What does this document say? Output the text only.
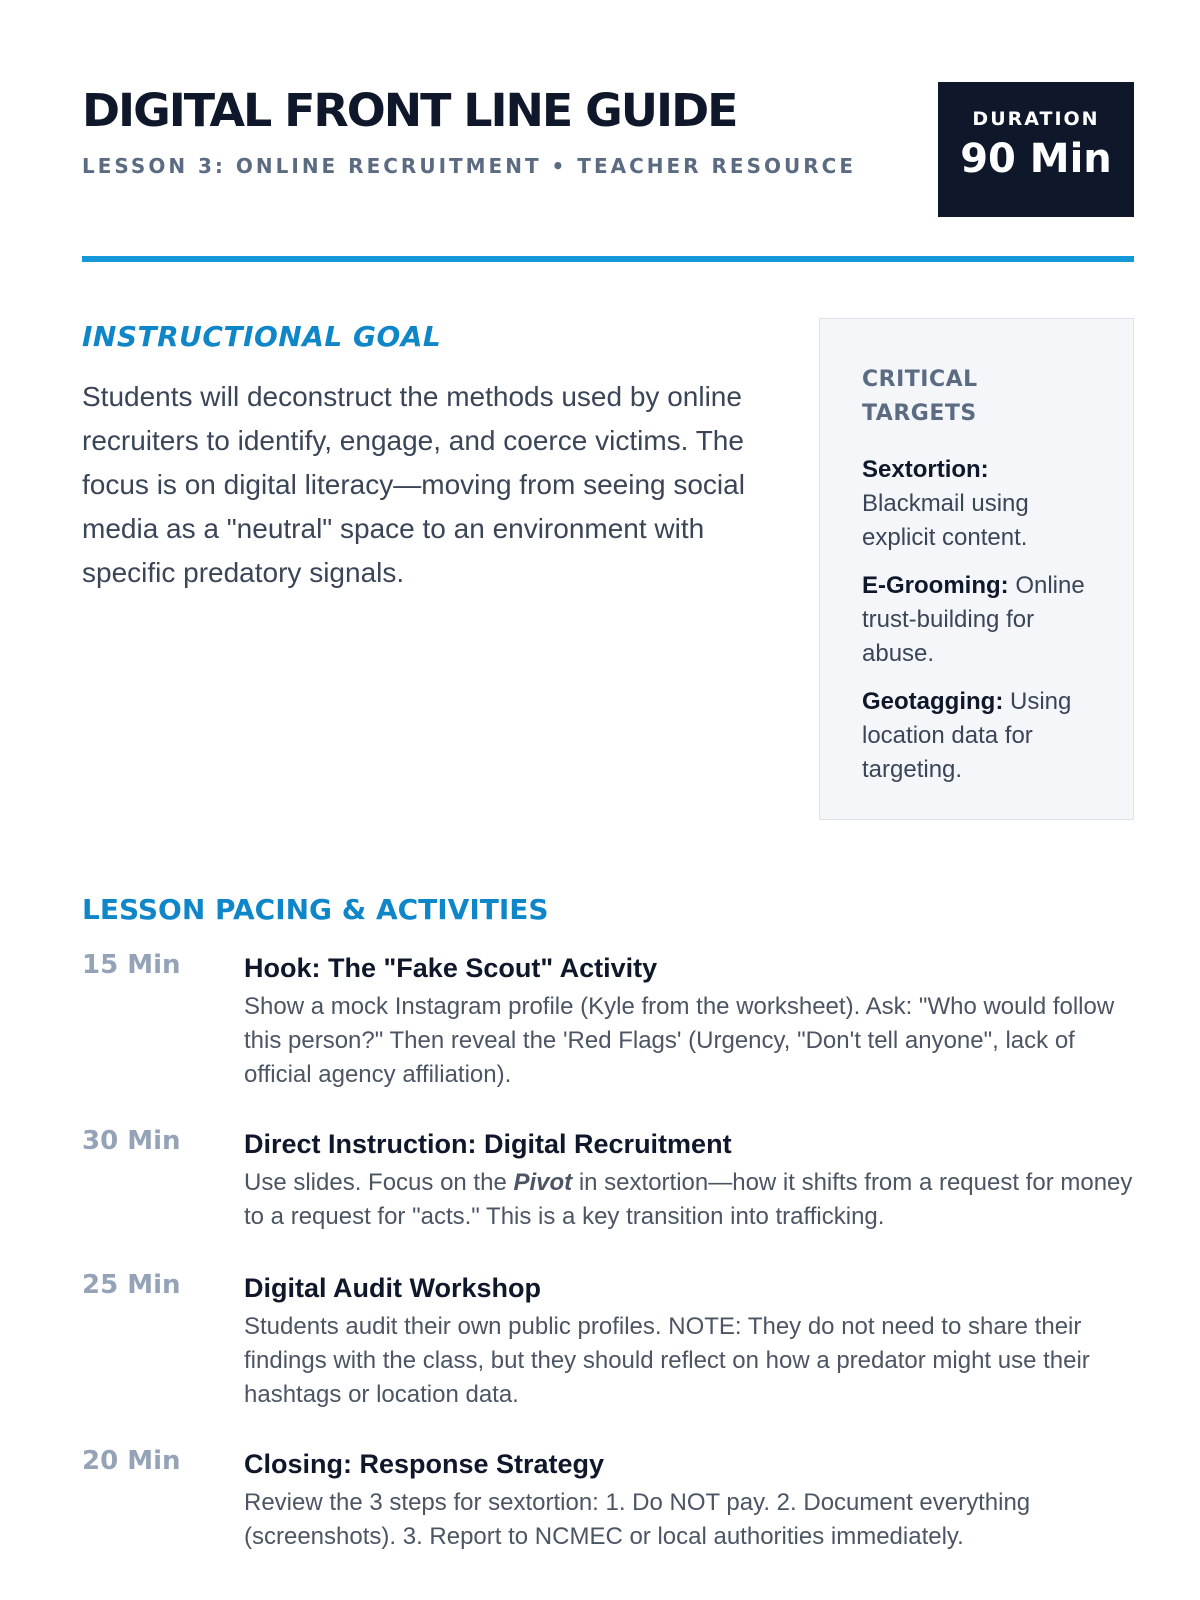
DIGITAL FRONT LINE GUIDE
LESSON 3: ONLINE RECRUITMENT • TEACHER RESOURCE
DURATION
90 Min
INSTRUCTIONAL GOAL

Students will deconstruct the methods used by online recruiters to identify, engage, and coerce victims. The focus is on digital literacy—moving from seeing social media as a "neutral" space to an environment with specific predatory signals.

CRITICAL TARGETS

Sextortion: Blackmail using explicit content.

E-Grooming: Online trust-building for abuse.

Geotagging: Using location data for targeting.

LESSON PACING & ACTIVITIES
15 Min Hook: The "Fake Scout" Activity

Show a mock Instagram profile (Kyle from the worksheet). Ask: "Who would follow this person?" Then reveal the 'Red Flags' (Urgency, "Don't tell anyone", lack of official agency affiliation).

30 Min Direct Instruction: Digital Recruitment

Use slides. Focus on the Pivot in sextortion—how it shifts from a request for money to a request for "acts." This is a key transition into trafficking.

25 Min Digital Audit Workshop

Students audit their own public profiles. NOTE: They do not need to share their findings with the class, but they should reflect on how a predator might use their hashtags or location data.

20 Min Closing: Response Strategy

Review the 3 steps for sextortion: 1. Do NOT pay. 2. Document everything (screenshots). 3. Report to NCMEC or local authorities immediately.
